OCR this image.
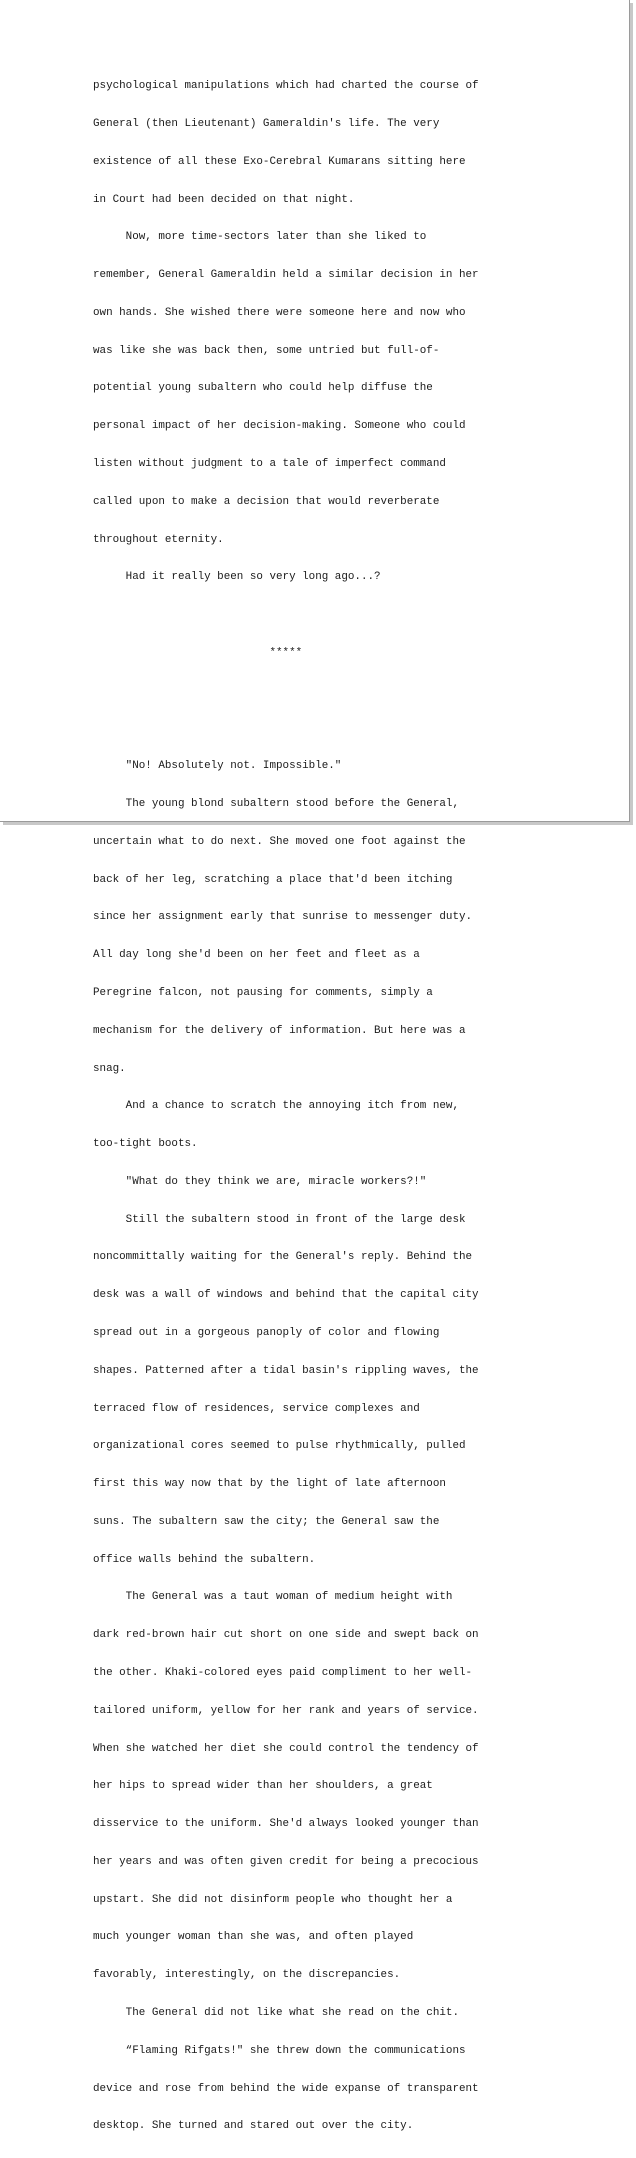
psychological manipulations which had charted the course of

General (then Lieutenant) Gameraldin's life. The very

existence of all these Exo-Cerebral Kumarans sitting here

in Court had been decided on that night.

Now, more time-sectors later than she liked to

remember, General Gameraldin held a similar decision in her

own hands. She wished there were someone here and now who

was like she was back then, some untried but full-of-

potential young subaltern who could help diffuse the

personal impact of her decision-making. Someone who could

listen without judgment to a tale of imperfect command

called upon to make a decision that would reverberate

throughout eternity.

Had it really been so very long ago...?

*****

"No! Absolutely not. Impossible."

The young blond subaltern stood before the General,

uncertain what to do next. She moved one foot against the

back of her leg, scratching a place that'd been itching

since her assignment early that sunrise to messenger duty.

All day long she'd been on her feet and fleet as a

Peregrine falcon, not pausing for comments, simply a

mechanism for the delivery of information. But here was a

snag.

And a chance to scratch the annoying itch from new,

too-tight boots.

"What do they think we are, miracle workers?!"

Still the subaltern stood in front of the large desk

noncommittally waiting for the General's reply. Behind the

desk was a wall of windows and behind that the capital city

spread out in a gorgeous panoply of color and flowing

shapes. Patterned after a tidal basin's rippling waves, the

terraced flow of residences, service complexes and

organizational cores seemed to pulse rhythmically, pulled

first this way now that by the light of late afternoon

suns. The subaltern saw the city; the General saw the

office walls behind the subaltern.

The General was a taut woman of medium height with

dark red-brown hair cut short on one side and swept back on

the other. Khaki-colored eyes paid compliment to her well-

tailored uniform, yellow for her rank and years of service.

When she watched her diet she could control the tendency of

her hips to spread wider than her shoulders, a great

disservice to the uniform. She'd always looked younger than

her years and was often given credit for being a precocious

upstart. She did not disinform people who thought her a

much younger woman than she was, and often played

favorably, interestingly, on the discrepancies.

The General did not like what she read on the chit.

“Flaming Rifgats!" she threw down the communications

device and rose from behind the wide expanse of transparent

desktop. She turned and stared out over the city.
